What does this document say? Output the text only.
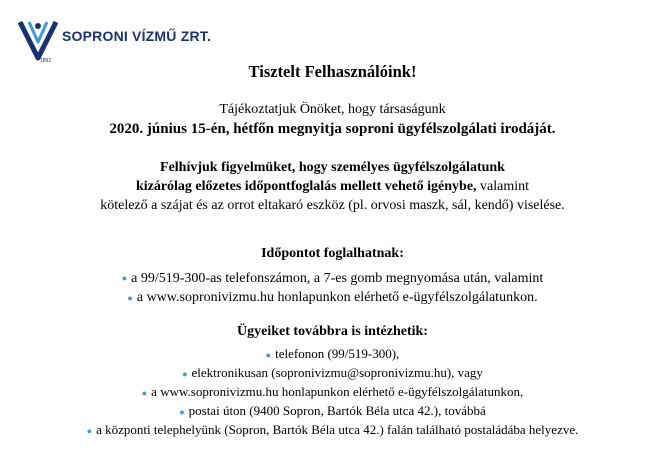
SOPRONI VÍZMŰ ZRT.
1892
Tisztelt Felhasználóink!
Tájékoztatjuk Önöket, hogy társaságunk
2020. június 15-én, hétfőn megnyitja soproni ügyfélszolgálati irodáját.
Felhívjuk figyelmüket, hogy személyes ügyfélszolgálatunk
kizárólag előzetes időpontfoglalás mellett vehető igénybe, valamint
kötelező a szájat és az orrot eltakaró eszköz (pl. orvosi maszk, sál, kendő) viselése.
Időpontot foglalhatnak:
● a 99/519-300-as telefonszámon, a 7-es gomb megnyomása után, valamint
● a www.sopronivizmu.hu honlapunkon elérhető e-ügyfélszolgálatunkon.
Ügyeiket továbbra is intézhetik:
● telefonon (99/519-300),
● elektronikusan (sopronivizmu@sopronivizmu.hu), vagy
● a www.sopronivizmu.hu honlapunkon elérhető e-ügyfélszolgálatunkon,
● postai úton (9400 Sopron, Bartók Béla utca 42.), továbbá
● a központi telephelyünk (Sopron, Bartók Béla utca 42.) falán található postaládába helyezve.
